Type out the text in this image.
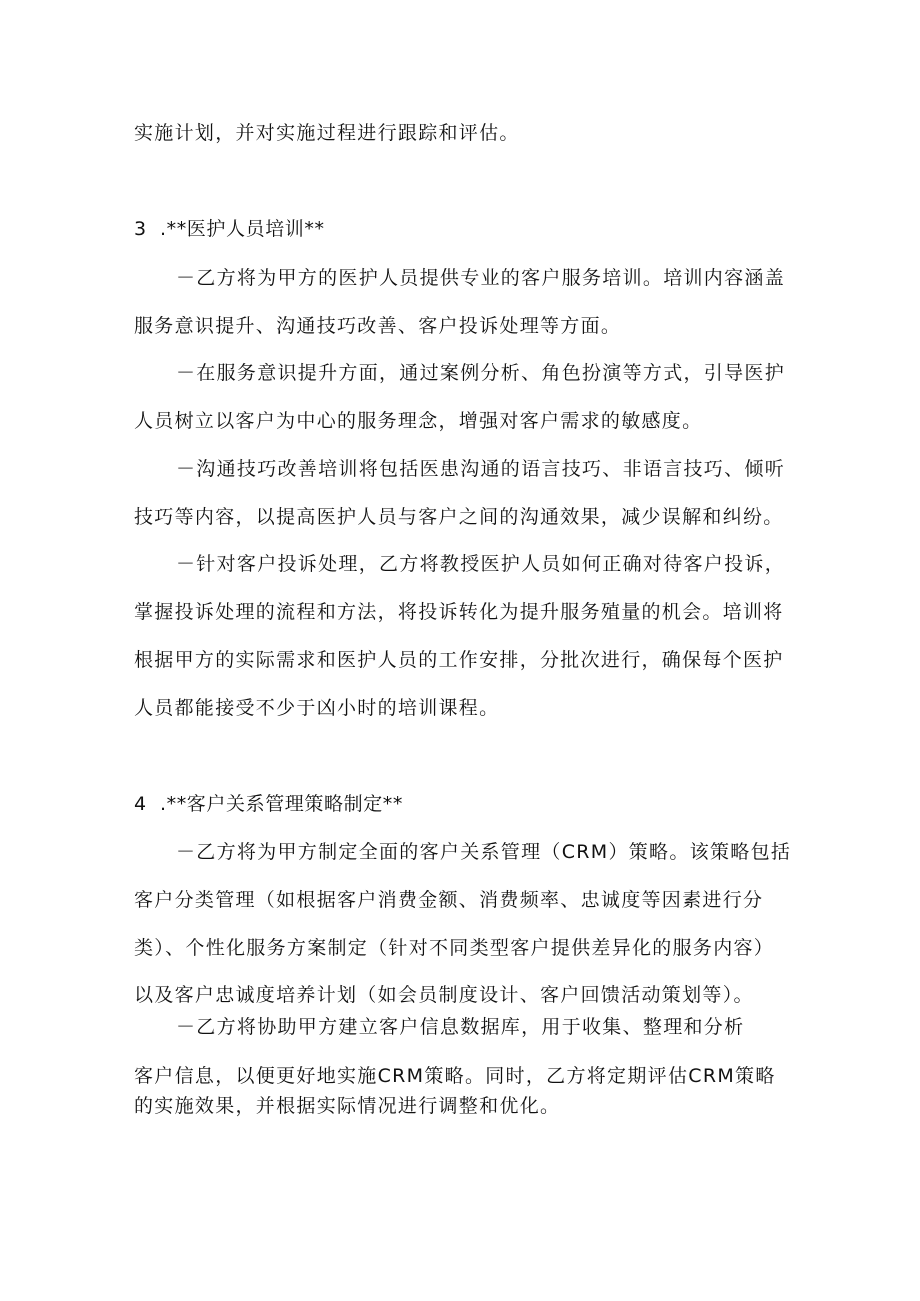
实施计划，并对实施过程进行跟踪和评估。
3  .**医护人员培训**
－乙方将为甲方的医护人员提供专业的客户服务培训。培训内容涵盖
服务意识提升、沟通技巧改善、客户投诉处理等方面。
－在服务意识提升方面，通过案例分析、角色扮演等方式，引导医护
人员树立以客户为中心的服务理念，增强对客户需求的敏感度。
－沟通技巧改善培训将包括医患沟通的语言技巧、非语言技巧、倾听
技巧等内容，以提高医护人员与客户之间的沟通效果，减少误解和纠纷。
－针对客户投诉处理，乙方将教授医护人员如何正确对待客户投诉，
掌握投诉处理的流程和方法，将投诉转化为提升服务殖量的机会。培训将
根据甲方的实际需求和医护人员的工作安排，分批次进行，确保每个医护
人员都能接受不少于凶小时的培训课程。
4  .**客户关系管理策略制定**
－乙方将为甲方制定全面的客户关系管理（CRM）策略。该策略包括
客户分类管理（如根据客户消费金额、消费频率、忠诚度等因素进行分
类）、个性化服务方案制定（针对不同类型客户提供差异化的服务内容）
以及客户忠诚度培养计划（如会员制度设计、客户回馈活动策划等）。
－乙方将协助甲方建立客户信息数据库，用于收集、整理和分析
客户信息，以便更好地实施CRM策略。同时，乙方将定期评估CRM策略
的实施效果，并根据实际情况进行调整和优化。
